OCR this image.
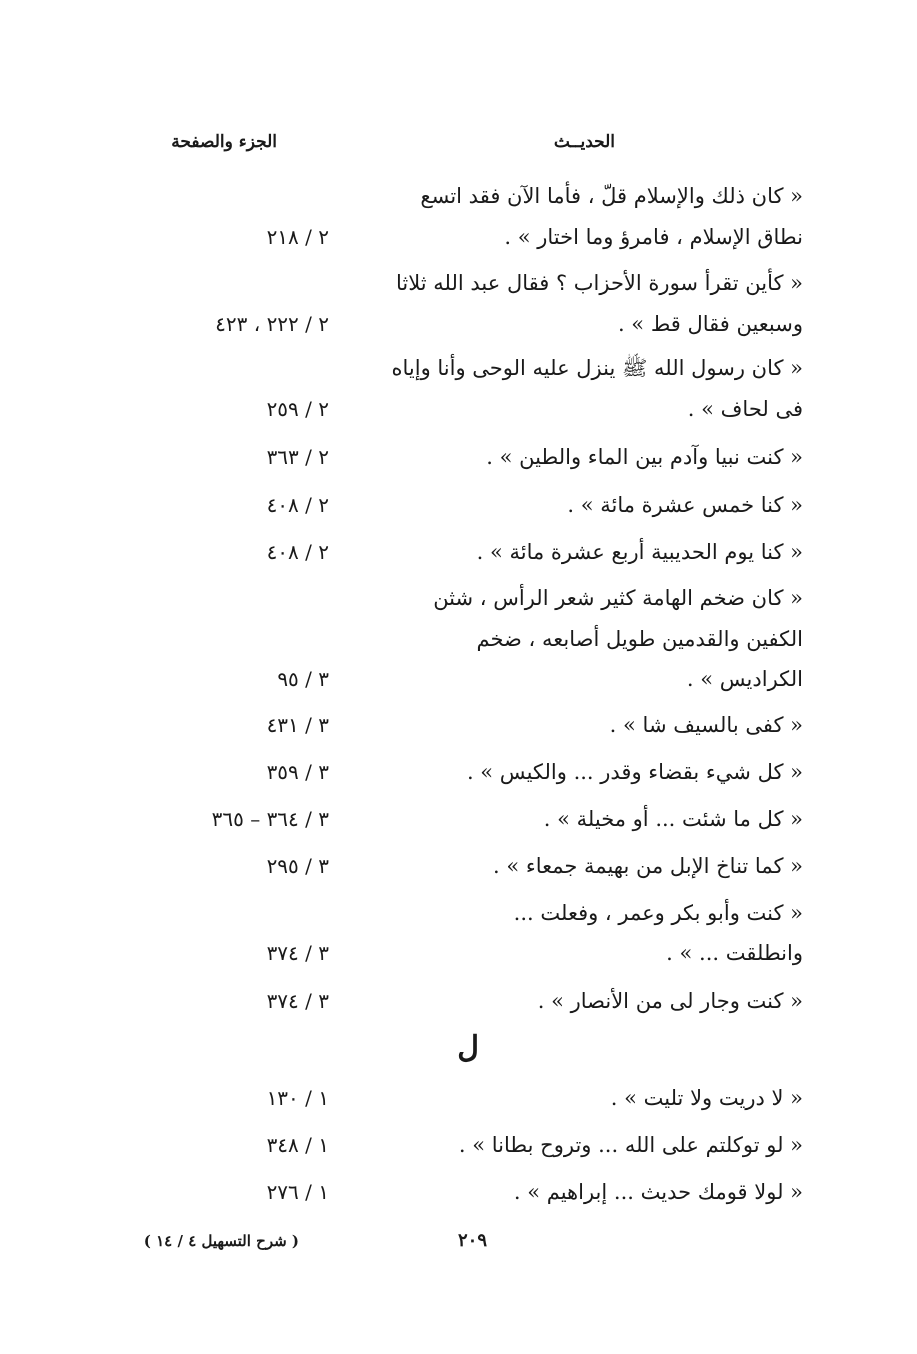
الحديــث
الجزء والصفحة
« كان ذلك والإسلام قلّ ، فأما الآن فقد اتسع
نطاق الإسلام ، فامرؤ وما اختار » .
« كأين تقرأ سورة الأحزاب ؟ فقال عبد الله ثلاثا
وسبعين فقال قط » .
« كان رسول الله ﷺ ينزل عليه الوحى وأنا وإياه
فى لحاف » .
« كنت نبيا وآدم بين الماء والطين » .
« كنا خمس عشرة مائة » .
« كنا يوم الحديبية أربع عشرة مائة » .
« كان ضخم الهامة كثير شعر الرأس ، شثن
الكفين والقدمين طويل أصابعه ، ضخم
الكراديس » .
« كفى بالسيف شا » .
« كل شيء بقضاء وقدر ... والكيس » .
« كل ما شئت ... أو مخيلة » .
« كما تناخ الإبل من بهيمة جمعاء » .
« كنت وأبو بكر وعمر ، وفعلت ...
وانطلقت ... » .
« كنت وجار لى من الأنصار » .
« لا دريت ولا تليت » .
« لو توكلتم على الله ... وتروح بطانا » .
« لولا قومك حديث ... إبراهيم » .
٢ / ٢١٨
٢ / ٢٢٢ ، ٤٢٣
٢ / ٢٥٩
٢ / ٣٦٣
٢ / ٤٠٨
٢ / ٤٠٨
٣ / ٩٥
٣ / ٤٣١
٣ / ٣٥٩
٣ / ٣٦٤ – ٣٦٥
٣ / ٢٩٥
٣ / ٣٧٤
٣ / ٣٧٤
١ / ١٣٠
١ / ٣٤٨
١ / ٢٧٦
ل
( شرح التسهيل ٤ / ١٤ )	٢٠٩
